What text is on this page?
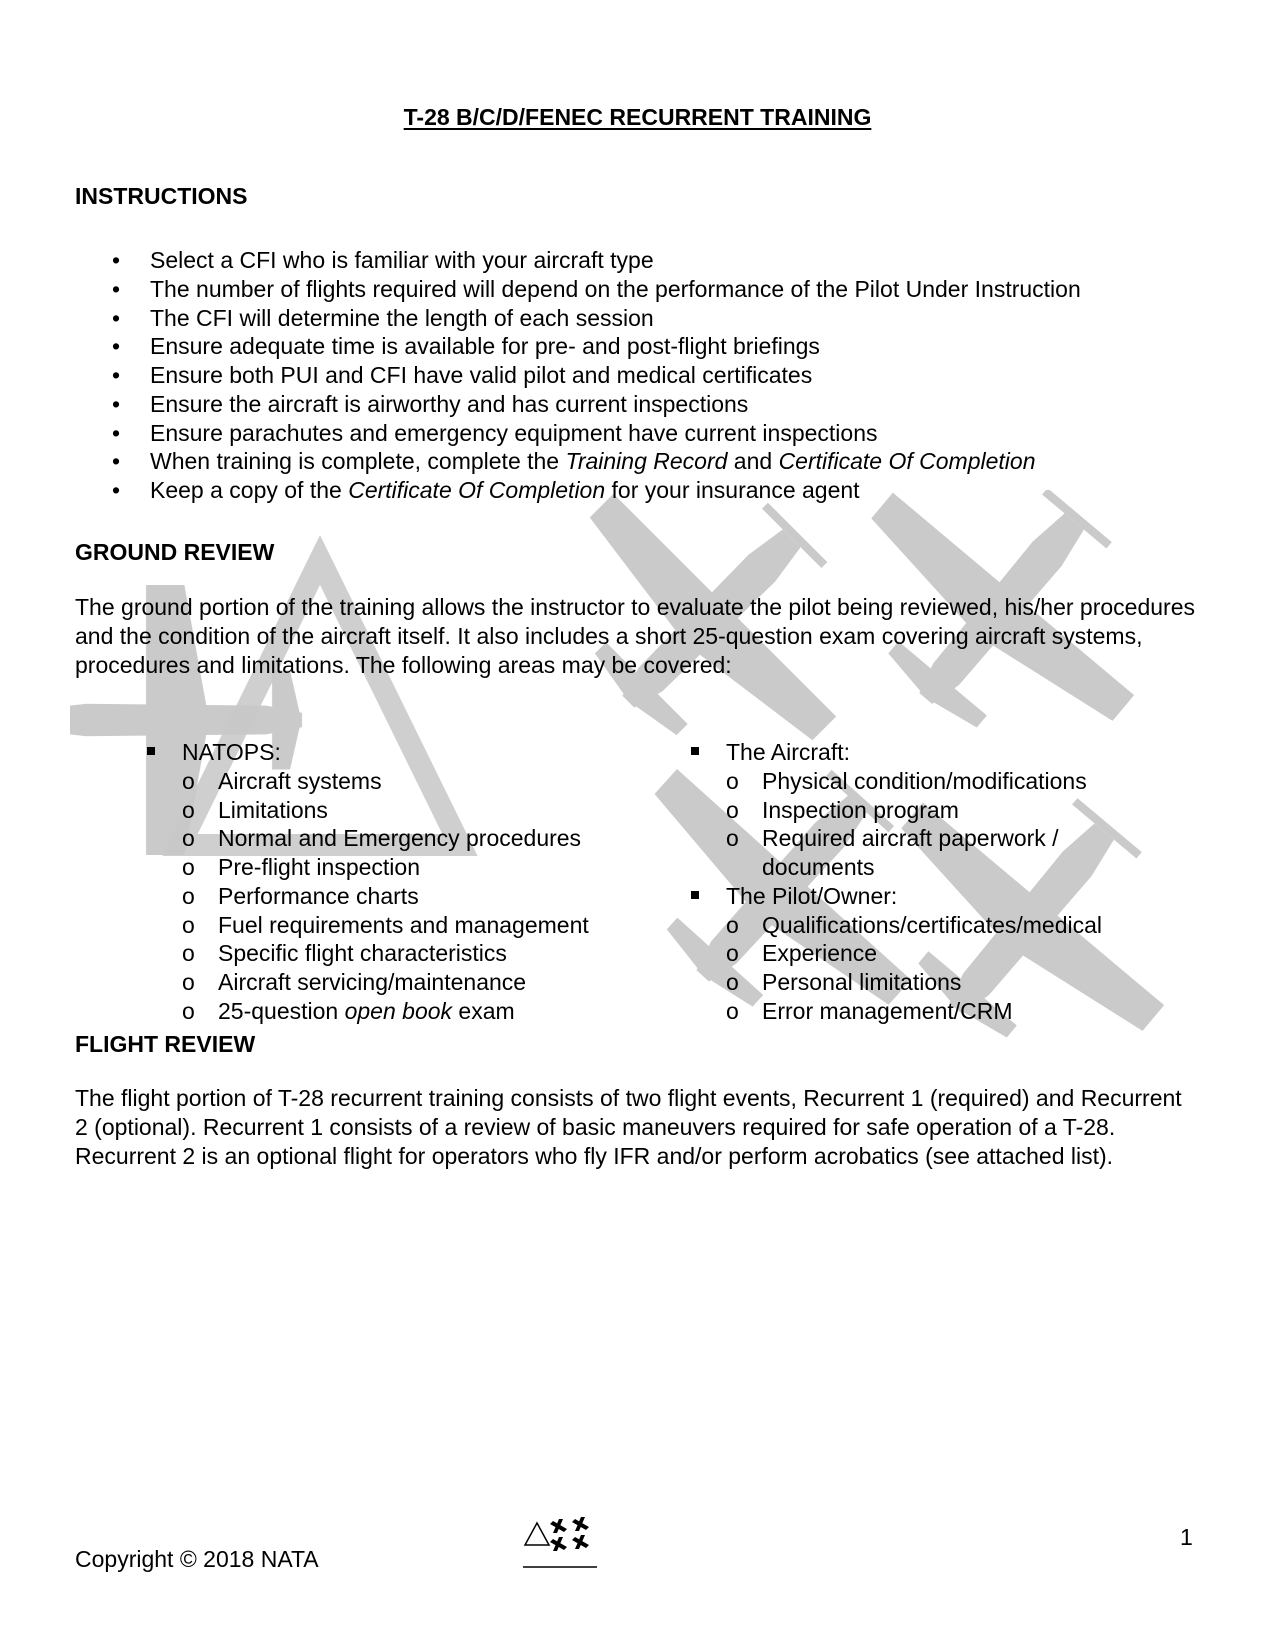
T-28 B/C/D/FENEC RECURRENT TRAINING
INSTRUCTIONS
• Select a CFI who is familiar with your aircraft type
• The number of flights required will depend on the performance of the Pilot Under Instruction
• The CFI will determine the length of each session
• Ensure adequate time is available for pre- and post-flight briefings
• Ensure both PUI and CFI have valid pilot and medical certificates
• Ensure the aircraft is airworthy and has current inspections
• Ensure parachutes and emergency equipment have current inspections
• When training is complete, complete the Training Record and Certificate Of Completion
• Keep a copy of the Certificate Of Completion for your insurance agent
GROUND REVIEW
The ground portion of the training allows the instructor to evaluate the pilot being reviewed, his/her procedures and the condition of the aircraft itself. It also includes a short 25-question exam covering aircraft systems, procedures and limitations. The following areas may be covered:
NATOPS:
o Aircraft systems
o Limitations
o Normal and Emergency procedures
o Pre-flight inspection
o Performance charts
o Fuel requirements and management
o Specific flight characteristics
o Aircraft servicing/maintenance
o 25-question open book exam
The Aircraft:
o Physical condition/modifications
o Inspection program
o Required aircraft paperwork / documents
The Pilot/Owner:
o Qualifications/certificates/medical
o Experience
o Personal limitations
o Error management/CRM
FLIGHT REVIEW
The flight portion of T-28 recurrent training consists of two flight events, Recurrent 1 (required) and Recurrent 2 (optional). Recurrent 1 consists of a review of basic maneuvers required for safe operation of a T-28. Recurrent 2 is an optional flight for operators who fly IFR and/or perform acrobatics (see attached list).
Copyright © 2018 NATA
1
